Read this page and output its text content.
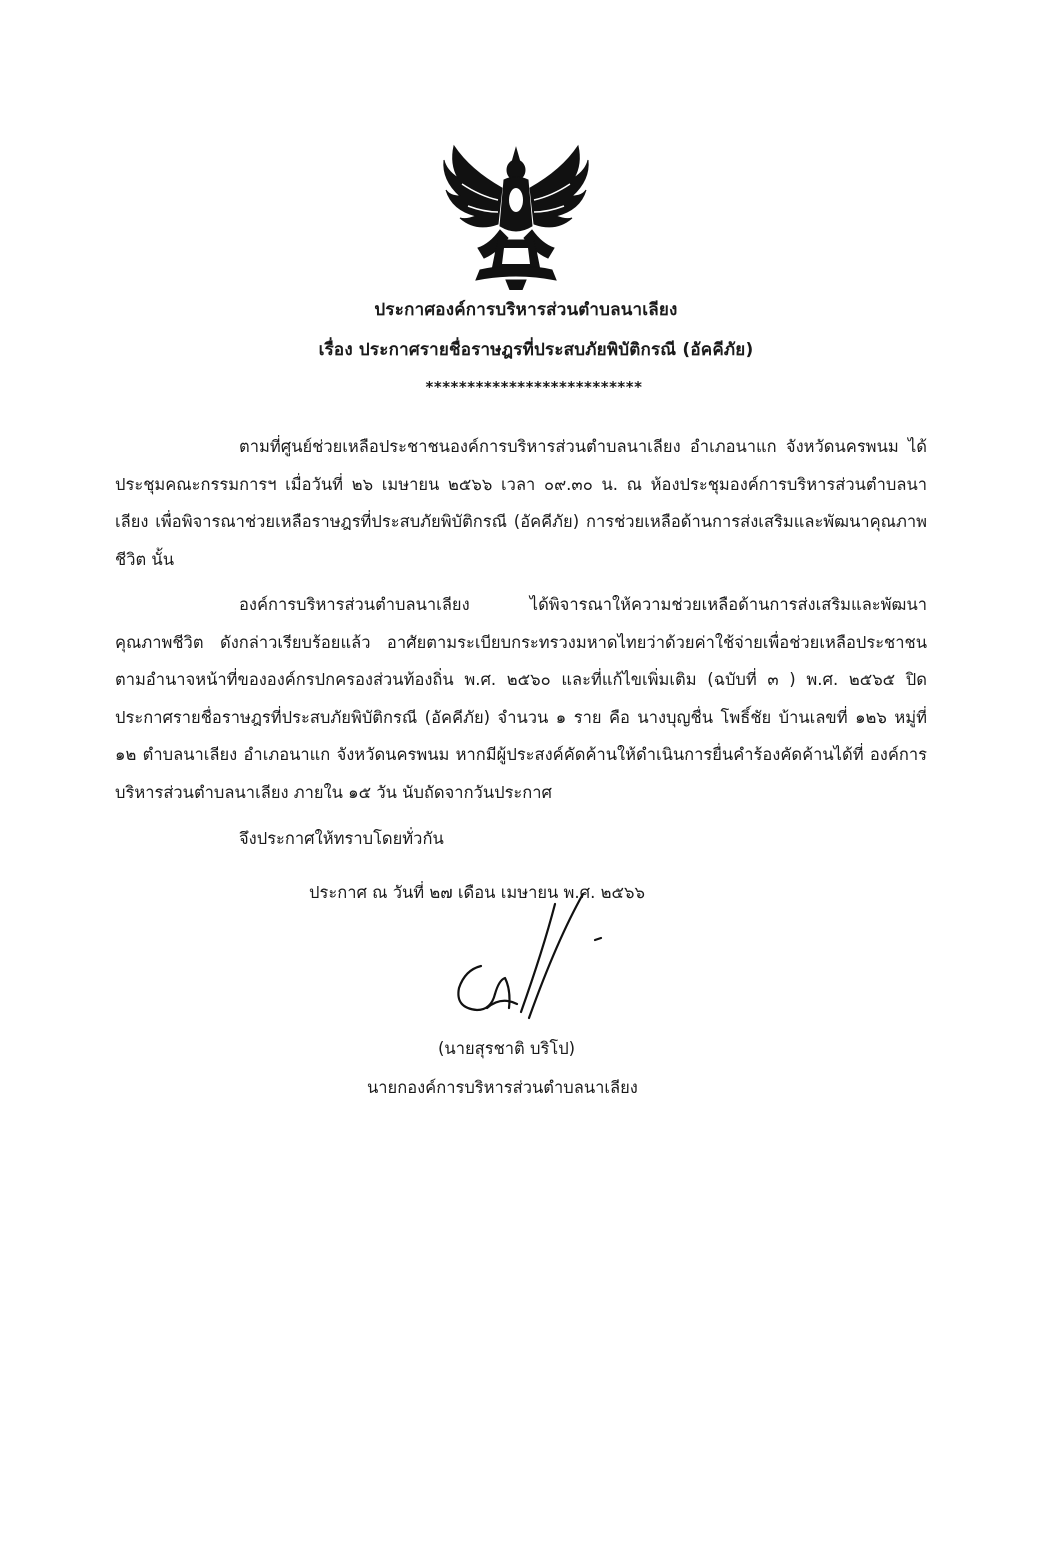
ประกาศองค์การบริหารส่วนตำบลนาเลียง
เรื่อง ประกาศรายชื่อราษฎรที่ประสบภัยพิบัติกรณี (อัคคีภัย)
**************************

ตามที่ศูนย์ช่วยเหลือประชาชนองค์การบริหารส่วนตำบลนาเลียง อำเภอนาแก จังหวัดนครพนม ได้ประชุมคณะกรรมการฯ เมื่อวันที่ ๒๖ เมษายน ๒๕๖๖ เวลา ๐๙.๓๐ น. ณ ห้องประชุมองค์การบริหารส่วนตำบลนาเลียง เพื่อพิจารณาช่วยเหลือราษฎรที่ประสบภัยพิบัติกรณี (อัคคีภัย) การช่วยเหลือด้านการส่งเสริมและพัฒนาคุณภาพชีวิต นั้น

องค์การบริหารส่วนตำบลนาเลียง ได้พิจารณาให้ความช่วยเหลือด้านการส่งเสริมและพัฒนาคุณภาพชีวิต ดังกล่าวเรียบร้อยแล้ว อาศัยตามระเบียบกระทรวงมหาดไทยว่าด้วยค่าใช้จ่ายเพื่อช่วยเหลือประชาชนตามอำนาจหน้าที่ขององค์กรปกครองส่วนท้องถิ่น พ.ศ. ๒๕๖๐ และที่แก้ไขเพิ่มเติม (ฉบับที่ ๓ ) พ.ศ. ๒๕๖๕ ปิดประกาศรายชื่อราษฎรที่ประสบภัยพิบัติกรณี (อัคคีภัย) จำนวน ๑ ราย คือ นางบุญชื่น โพธิ์ชัย บ้านเลขที่ ๑๒๖ หมู่ที่ ๑๒ ตำบลนาเลียง อำเภอนาแก จังหวัดนครพนม หากมีผู้ประสงค์คัดค้านให้ดำเนินการยื่นคำร้องคัดค้านได้ที่ องค์การบริหารส่วนตำบลนาเลียง ภายใน ๑๕ วัน นับถัดจากวันประกาศ

จึงประกาศให้ทราบโดยทั่วกัน
ประกาศ ณ วันที่ ๒๗ เดือน เมษายน พ.ศ. ๒๕๖๖
(นายสุรชาติ บริโป)
นายกองค์การบริหารส่วนตำบลนาเลียง
